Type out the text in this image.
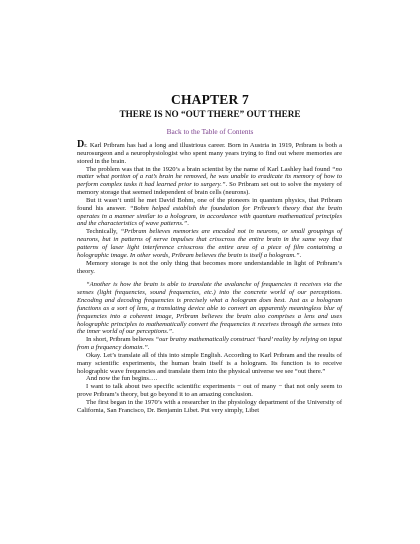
CHAPTER 7
THERE IS NO “OUT THERE” OUT THERE
Back to the Table of Contents

Dr. Karl Pribram has had a long and illustrious career. Born in Austria in 1919, Pribram is both a neurosurgeon and a neurophysiologist who spent many years trying to find out where memories are stored in the brain.

The problem was that in the 1920’s a brain scientist by the name of Karl Lashley had found “no matter what portion of a rat’s brain he removed, he was unable to eradicate its memory of how to perform complex tasks it had learned prior to surgery.”. So Pribram set out to solve the mystery of memory storage that seemed independent of brain cells (neurons).

But it wasn’t until he met David Bohm, one of the pioneers in quantum physics, that Pribram found his answer. “Bohm helped establish the foundation for Pribram’s theory that the brain operates in a manner similar to a hologram, in accordance with quantum mathematical principles and the characteristics of wave patterns.”.

Technically, “Pribram believes memories are encoded not in neurons, or small groupings of neurons, but in patterns of nerve impulses that crisscross the entire brain in the same way that patterns of laser light interference crisscross the entire area of a piece of film containing a holographic image. In other words, Pribram believes the brain is itself a hologram.”.

Memory storage is not the only thing that becomes more understandable in light of Pribram’s theory.

“Another is how the brain is able to translate the avalanche of frequencies it receives via the senses (light frequencies, sound frequencies, etc.) into the concrete world of our perceptions. Encoding and decoding frequencies is precisely what a hologram does best. Just as a hologram functions as a sort of lens, a translating device able to convert an apparently meaningless blur of frequencies into a coherent image, Pribram believes the brain also comprises a lens and uses holographic principles to mathematically convert the frequencies it receives through the senses into the inner world of our perceptions.”.

In short, Pribram believes “our brainy mathematically construct ‘hard’ reality by relying on input from a frequency domain.”.

Okay. Let’s translate all of this into simple English. According to Karl Pribram and the results of many scientific experiments, the human brain itself is a hologram. Its function is to receive holographic wave frequencies and translate them into the physical universe we see “out there.”

And now the fun begins….

I want to talk about two specific scientific experiments − out of many − that not only seem to prove Pribram’s theory, but go beyond it to an amazing conclusion.

The first began in the 1970’s with a researcher in the physiology department of the University of California, San Francisco, Dr. Benjamin Libet. Put very simply, Libet
